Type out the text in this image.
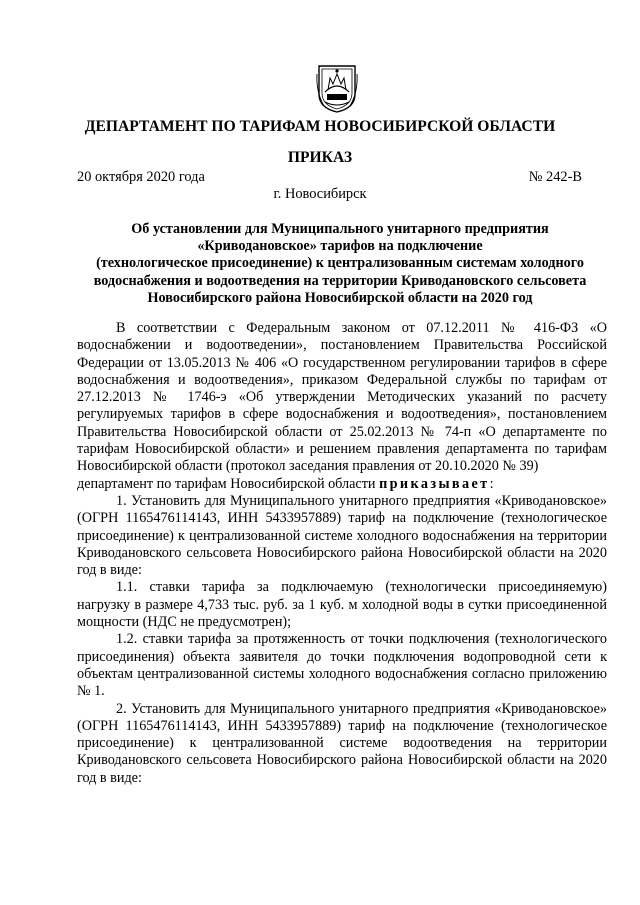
ДЕПАРТАМЕНТ ПО ТАРИФАМ НОВОСИБИРСКОЙ ОБЛАСТИ
ПРИКАЗ
20 октября 2020 года	№ 242-В
г. Новосибирск
Об установлении для Муниципального унитарного предприятия
«Криводановское» тарифов на подключение
(технологическое присоединение) к централизованным системам холодного
водоснабжения и водоотведения на территории Криводановского сельсовета
Новосибирского района Новосибирской области на 2020 год

В соответствии с Федеральным законом от 07.12.2011 № 416-ФЗ «О водоснабжении и водоотведении», постановлением Правительства Российской Федерации от 13.05.2013 № 406 «О государственном регулировании тарифов в сфере водоснабжения и водоотведения», приказом Федеральной службы по тарифам от 27.12.2013 № 1746-э «Об утверждении Методических указаний по расчету регулируемых тарифов в сфере водоснабжения и водоотведения», постановлением Правительства Новосибирской области от 25.02.2013 № 74-п «О департаменте по тарифам Новосибирской области» и решением правления департамента по тарифам Новосибирской области (протокол заседания правления от 20.10.2020 № 39)

департамент по тарифам Новосибирской области приказывает:

1. Установить для Муниципального унитарного предприятия «Криводановское» (ОГРН 1165476114143, ИНН 5433957889) тариф на подключение (технологическое присоединение) к централизованной системе холодного водоснабжения на территории Криводановского сельсовета Новосибирского района Новосибирской области на 2020 год в виде:

1.1. ставки тарифа за подключаемую (технологически присоединяемую) нагрузку в размере 4,733 тыс. руб. за 1 куб. м холодной воды в сутки присоединенной мощности (НДС не предусмотрен);

1.2. ставки тарифа за протяженность от точки подключения (технологического присоединения) объекта заявителя до точки подключения водопроводной сети к объектам централизованной системы холодного водоснабжения согласно приложению № 1.

2. Установить для Муниципального унитарного предприятия «Криводановское» (ОГРН 1165476114143, ИНН 5433957889) тариф на подключение (технологическое присоединение) к централизованной системе водоотведения на территории Криводановского сельсовета Новосибирского района Новосибирской области на 2020 год в виде:
